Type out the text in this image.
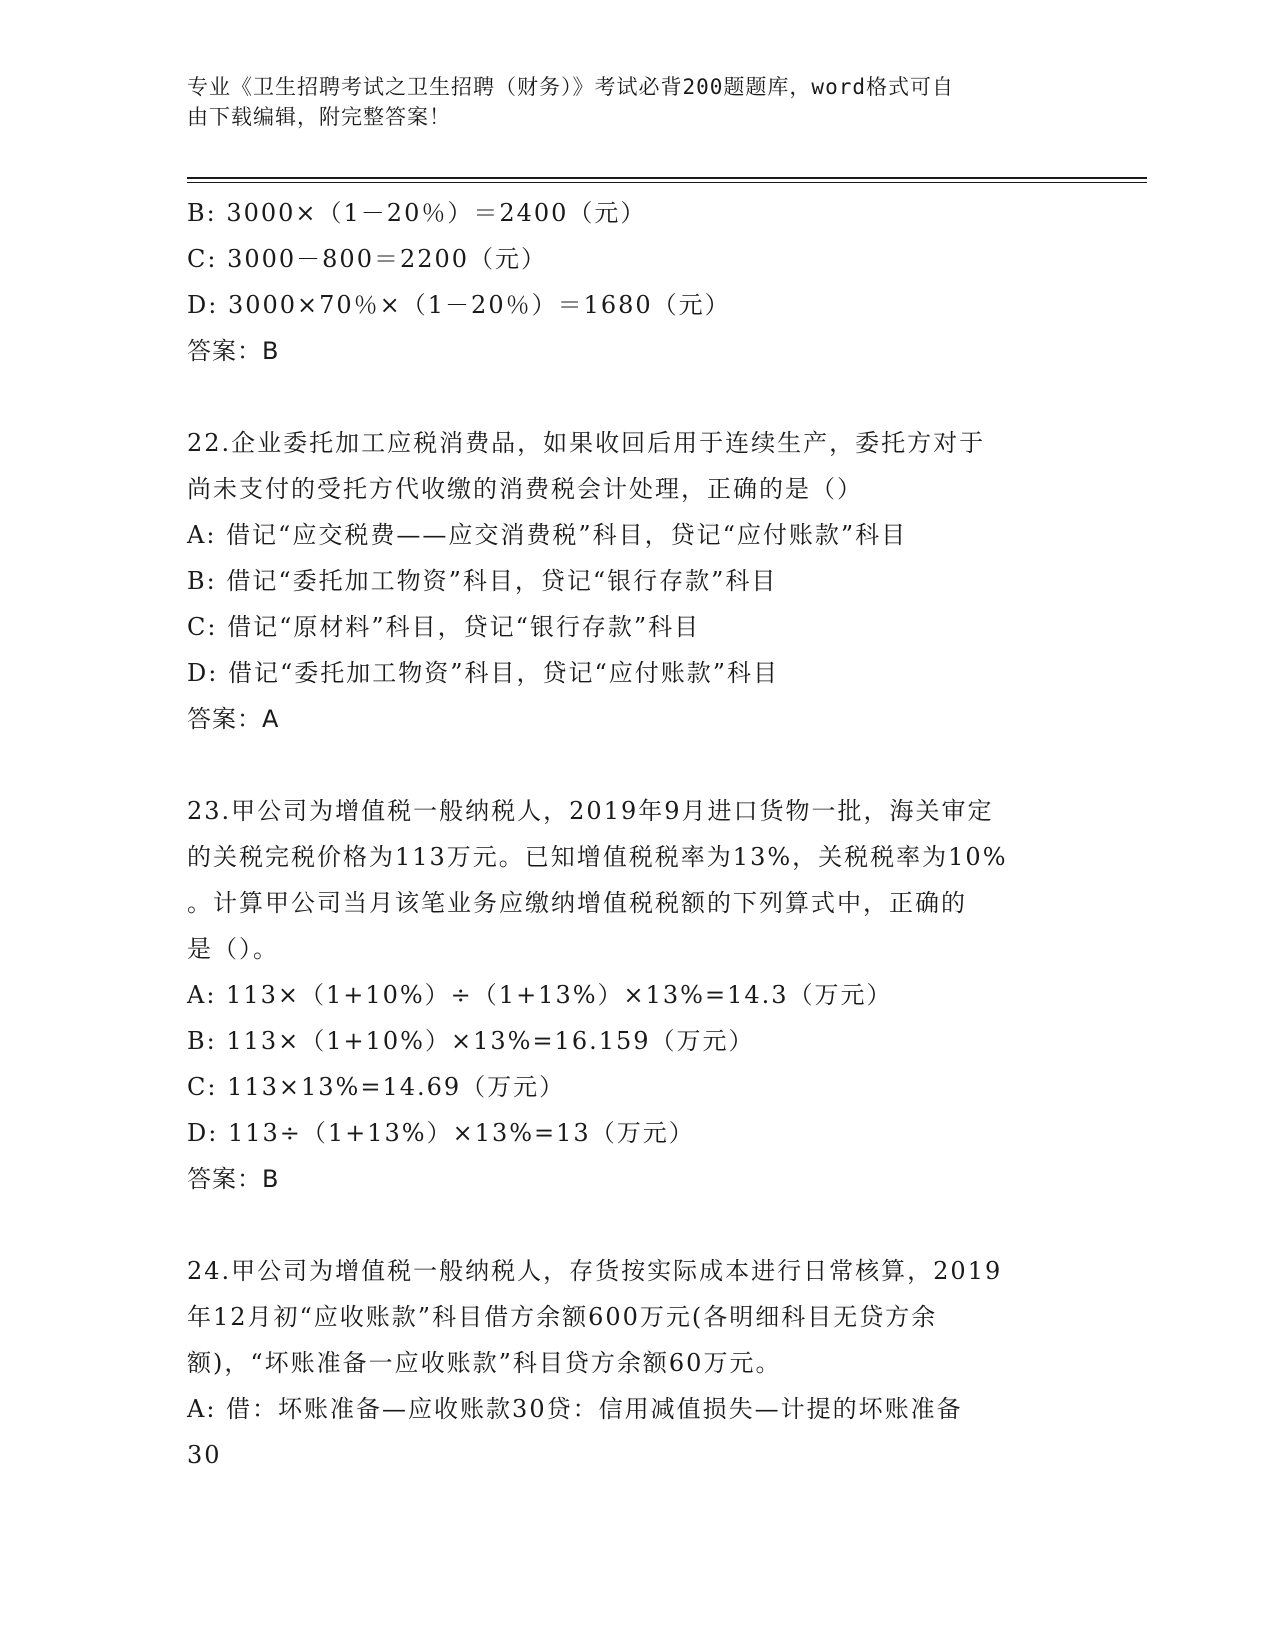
专业《卫生招聘考试之卫生招聘（财务）》考试必背200题题库，word格式可自
由下载编辑，附完整答案！
B: 3000×（1－20％）＝2400（元）
C: 3000－800＝2200（元）
D: 3000×70％×（1－20％）＝1680（元）
答案：B
22.企业委托加工应税消费品，如果收回后用于连续生产，委托方对于
尚未支付的受托方代收缴的消费税会计处理，正确的是（）
A: 借记“应交税费——应交消费税”科目，贷记“应付账款”科目
B: 借记“委托加工物资”科目，贷记“银行存款”科目
C: 借记“原材料”科目，贷记“银行存款”科目
D: 借记“委托加工物资”科目，贷记“应付账款”科目
答案：A
23.甲公司为增值税一般纳税人，2019年9月进口货物一批，海关审定
的关税完税价格为113万元。已知增值税税率为13%，关税税率为10%
。计算甲公司当月该笔业务应缴纳增值税税额的下列算式中，正确的
是（）。
A: 113×（1+10%）÷（1+13%）×13%=14.3（万元）
B: 113×（1+10%）×13%=16.159（万元）
C: 113×13%=14.69（万元）
D: 113÷（1+13%）×13%=13（万元）
答案：B
24.甲公司为增值税一般纳税人，存货按实际成本进行日常核算，2019
年12月初“应收账款”科目借方余额600万元(各明细科目无贷方余
额)，“坏账准备一应收账款”科目贷方余额60万元。
A: 借：坏账准备—应收账款30贷：信用减值损失—计提的坏账准备
30
